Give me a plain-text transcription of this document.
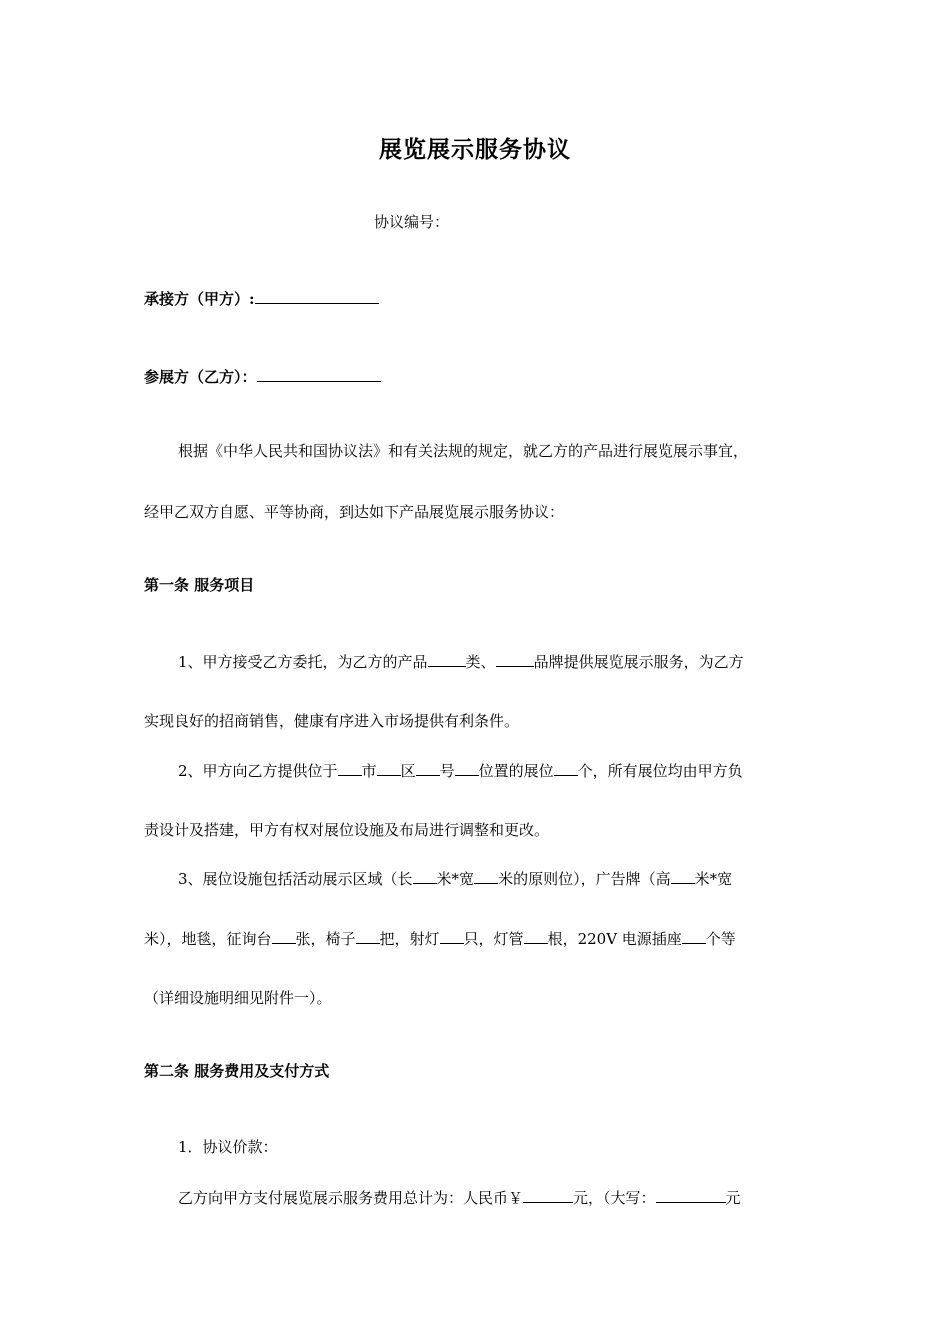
展览展示服务协议
协议编号：
承接方（甲方）:
参展方（乙方）：
根据《中华人民共和国协议法》和有关法规的规定，就乙方的产品进行展览展示事宜，
经甲乙双方自愿、平等协商，到达如下产品展览展示服务协议：
第一条 服务项目
1、甲方接受乙方委托，为乙方的产品	类、	品牌提供展览展示服务，为乙方
实现良好的招商销售，健康有序进入市场提供有利条件。
2、甲方向乙方提供位于 市 区 号 位置的展位 个，所有展位均由甲方负
责设计及搭建，甲方有权对展位设施及布局进行调整和更改。
3、展位设施包括活动展示区域（长 米*宽 米的原则位），广告牌（高 米*宽
米），地毯，征询台 张，椅子 把，射灯 只，灯管 根，220V 电源插座 个等
（详细设施明细见附件一）。
第二条 服务费用及支付方式
1．协议价款：
乙方向甲方支付展览展示服务费用总计为：人民币￥	元，（大写：	元
